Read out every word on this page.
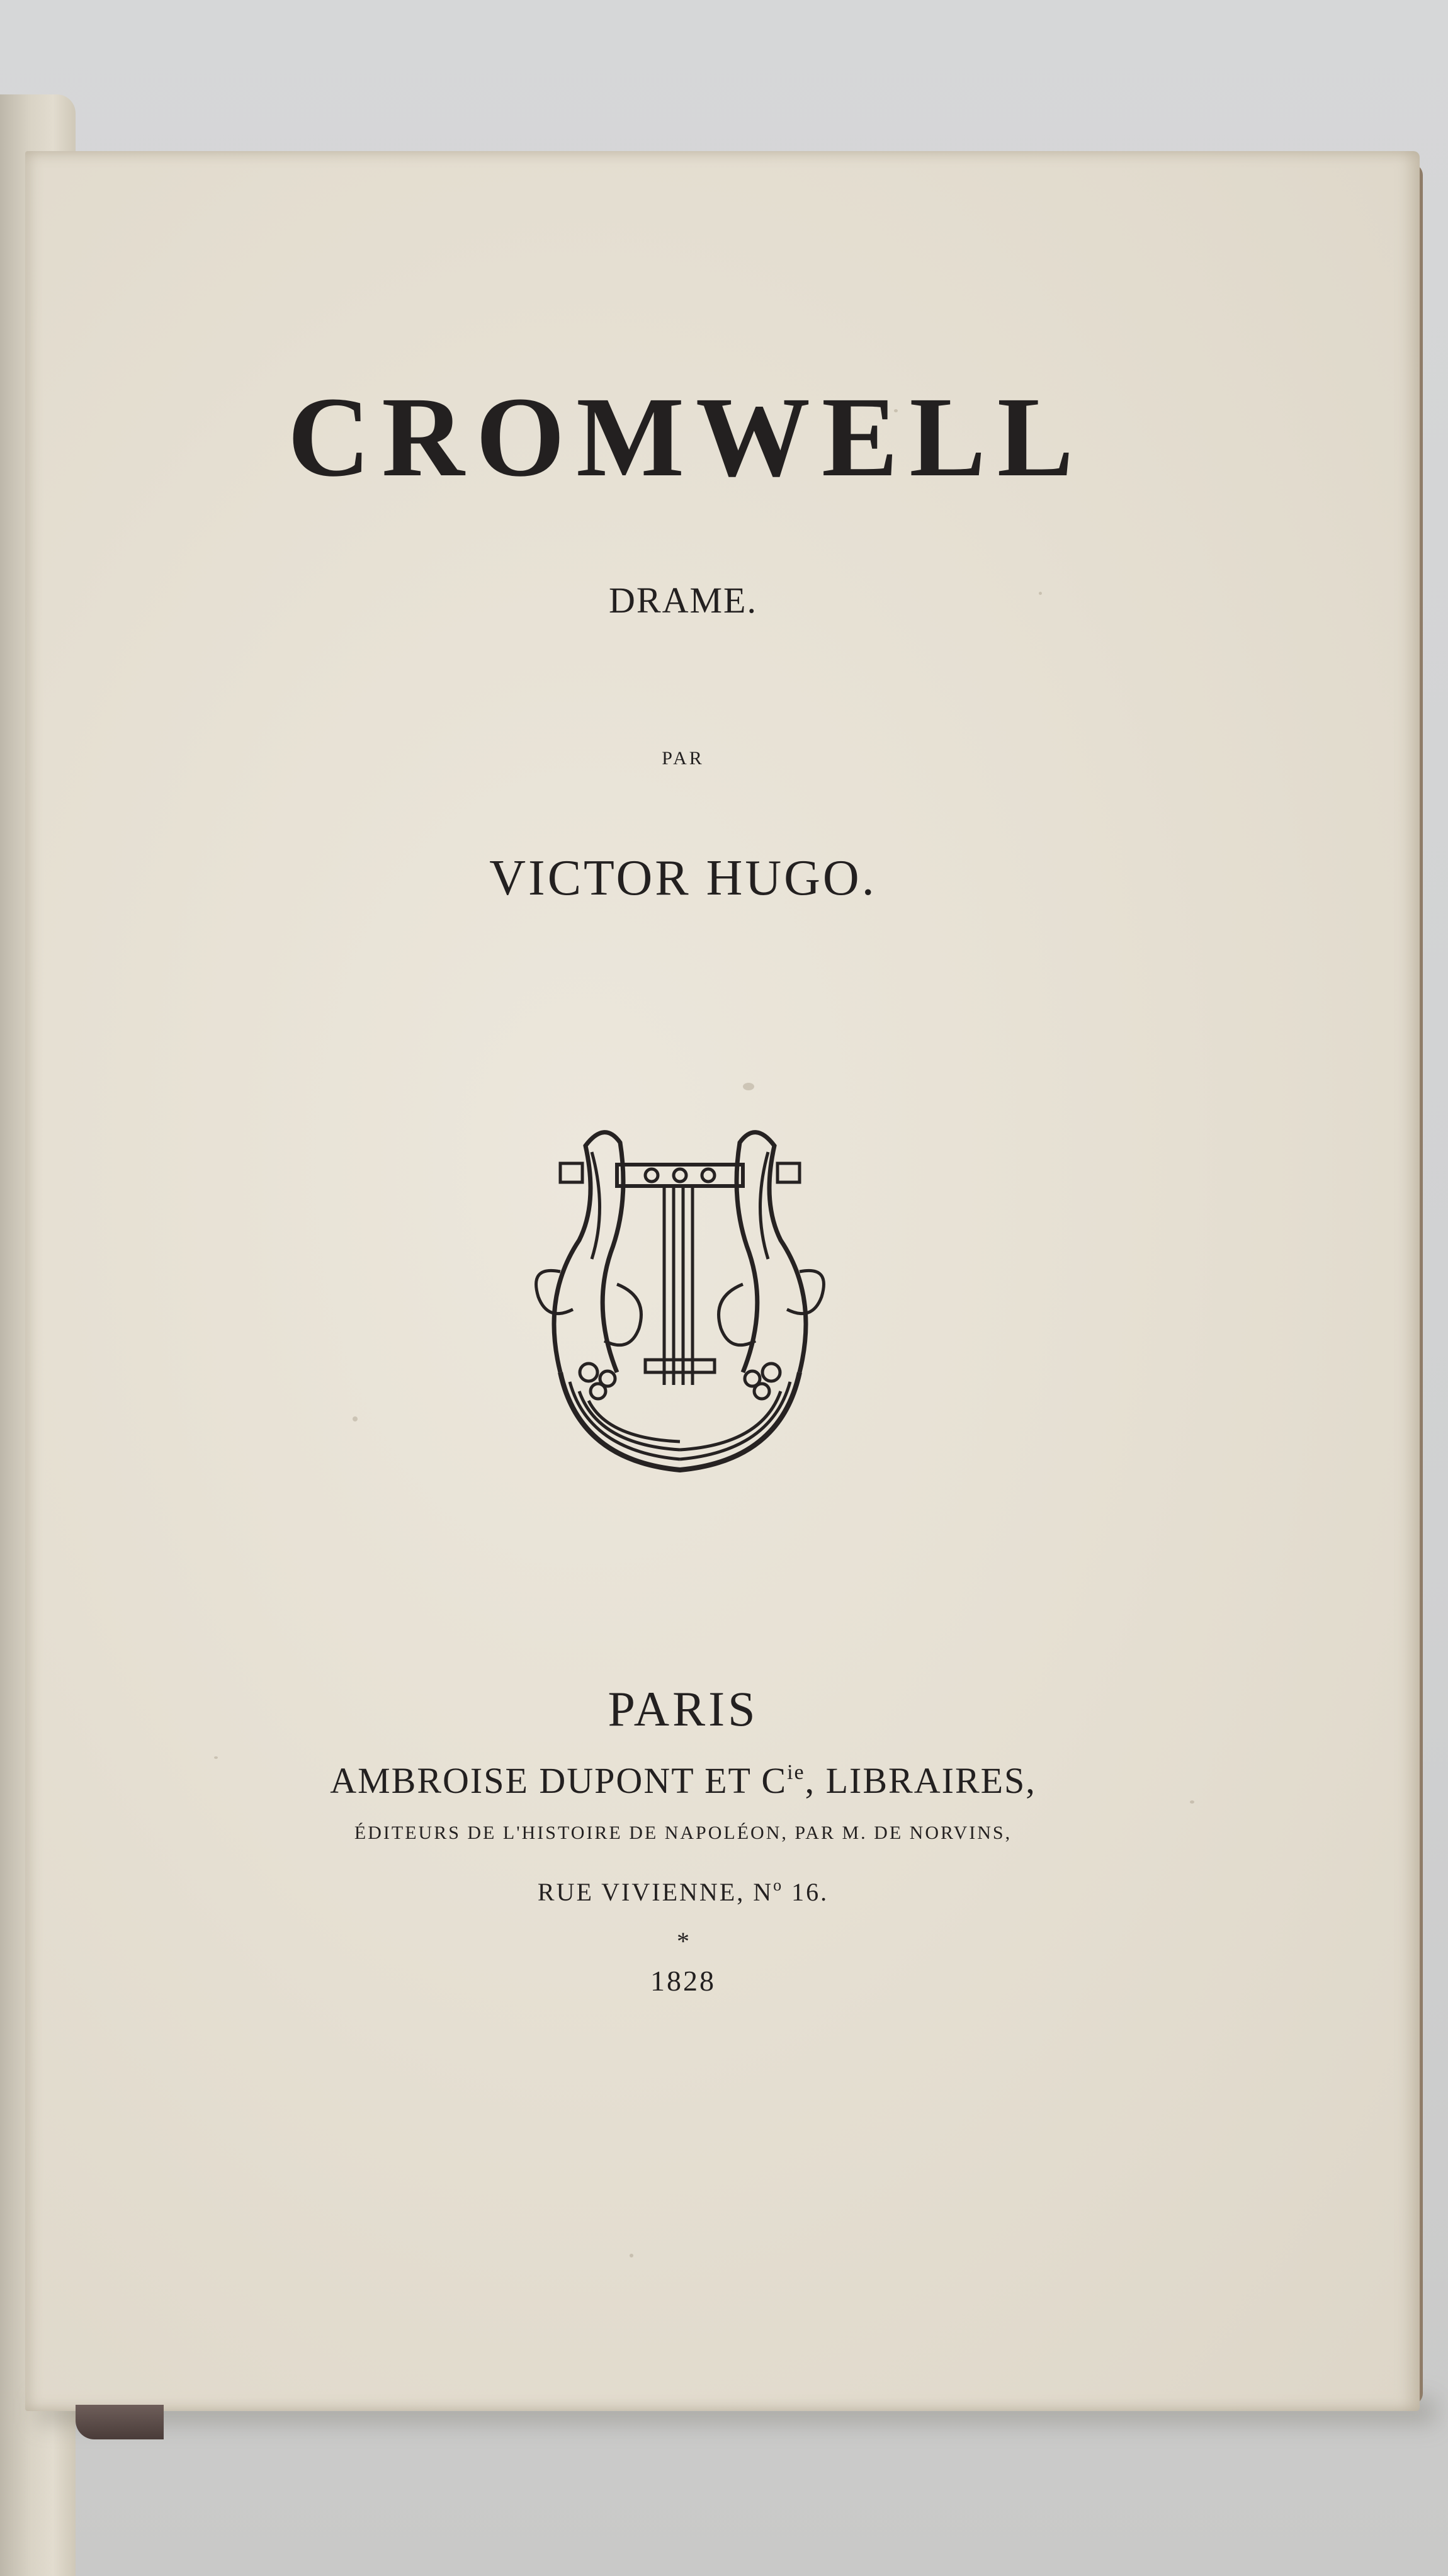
CROMWELL
DRAME.
PAR
VICTOR HUGO.
PARIS
AMBROISE DUPONT ET $C^{ie}$, LIBRAIRES,
ÉDITEURS DE L'HISTOIRE DE NAPOLÉON, PAR M. DE NORVINS,
RUE VIVIENNE, $N^o$ 16.
*
1828
